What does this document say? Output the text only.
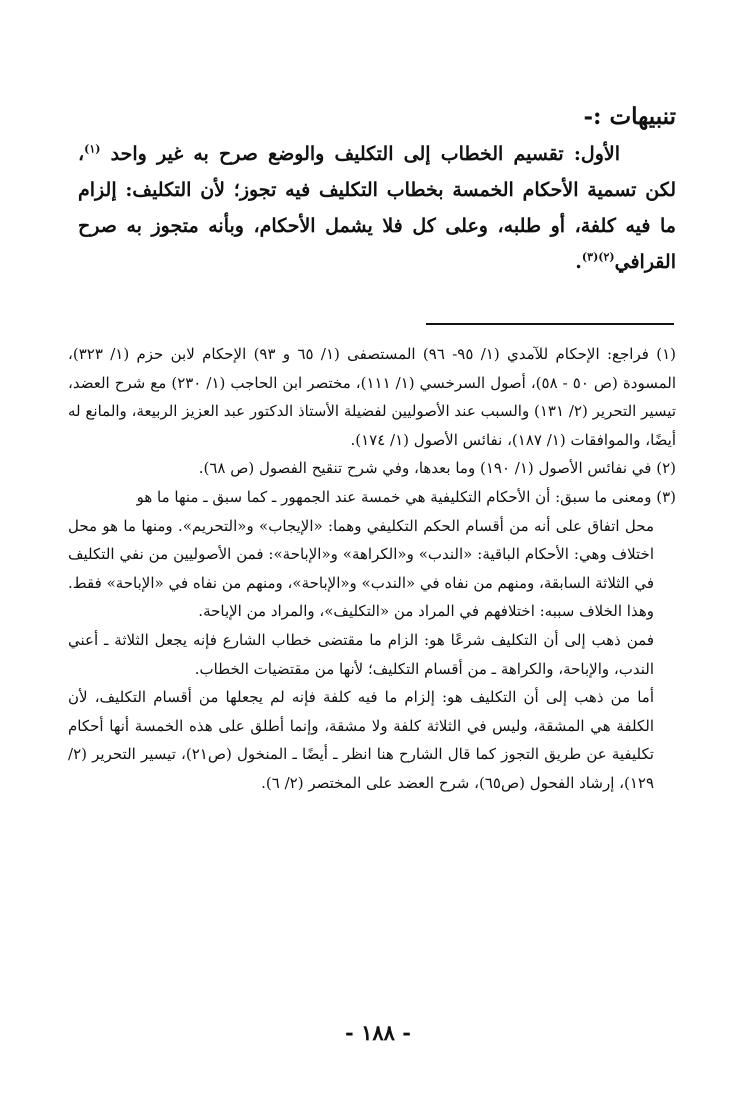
تنبيهات :-

الأول: تقسيم الخطاب إلى التكليف والوضع صرح به غير واحد $^{(١)}$، لكن تسمية الأحكام الخمسة بخطاب التكليف فيه تجوز؛ لأن التكليف: إلزام ما فيه كلفة، أو طلبه، وعلى كل فلا يشمل الأحكام، وبأنه متجوز به صرح القرافي$^{(٢)(٣)}$.

(١) فراجع: الإحكام للآمدي (١/ ٩٥- ٩٦) المستصفى (١/ ٦٥ و ٩٣) الإحكام لابن حزم (١/ ٣٢٣)، المسودة (ص ٥٠ - ٥٨)، أصول السرخسي (١/ ١١١)، مختصر ابن الحاجب (١/ ٢٣٠) مع شرح العضد، تيسير التحرير (٢/ ١٣١) والسبب عند الأصوليين لفضيلة الأستاذ الدكتور عبد العزيز الربيعة، والمانع له أيضًا، والموافقات (١/ ١٨٧)، نفائس الأصول (١/ ١٧٤).

(٢) في نفائس الأصول (١/ ١٩٠) وما بعدها، وفي شرح تنقيح الفصول (ص ٦٨).

(٣) ومعنى ما سبق: أن الأحكام التكليفية هي خمسة عند الجمهور ـ كما سبق ـ منها ما هو

محل اتفاق على أنه من أقسام الحكم التكليفي وهما: «الإيجاب» و«التحريم». ومنها ما هو محل اختلاف وهي: الأحكام الباقية: «الندب» و«الكراهة» و«الإباحة»: فمن الأصوليين من نفي التكليف في الثلاثة السابقة، ومنهم من نفاه في «الندب» و«الإباحة»، ومنهم من نفاه في «الإباحة» فقط.

وهذا الخلاف سببه: اختلافهم في المراد من «التكليف»، والمراد من الإباحة.

فمن ذهب إلى أن التكليف شرعًا هو: الزام ما مقتضى خطاب الشارع فإنه يجعل الثلاثة ـ أعني الندب، والإباحة، والكراهة ـ من أقسام التكليف؛ لأنها من مقتضيات الخطاب.

أما من ذهب إلى أن التكليف هو: إلزام ما فيه كلفة فإنه لم يجعلها من أقسام التكليف، لأن الكلفة هي المشقة، وليس في الثلاثة كلفة ولا مشقة، وإنما أطلق على هذه الخمسة أنها أحكام تكليفية عن طريق التجوز كما قال الشارح هنا انظر ـ أيضًا ـ المنخول (ص٢١)، تيسير التحرير (٢/ ١٢٩)، إرشاد الفحول (ص٦٥)، شرح العضد على المختصر (٢/ ٦).

- ١٨٨ -
